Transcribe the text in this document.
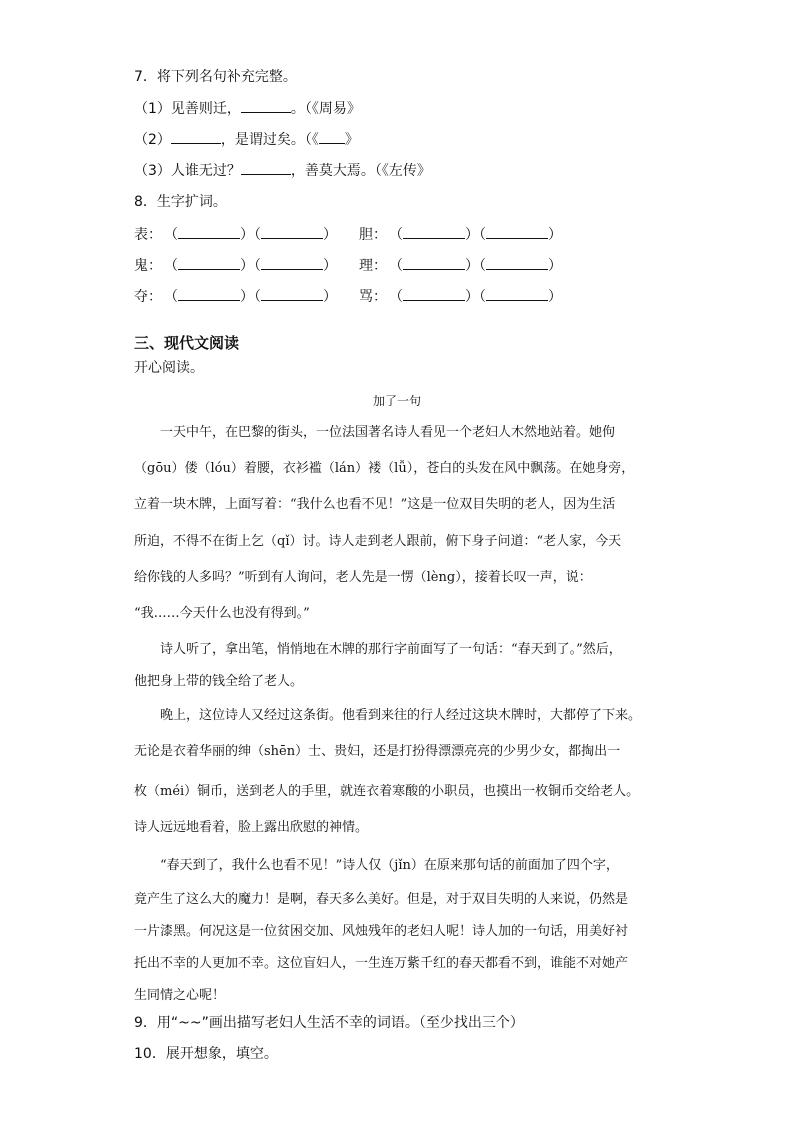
7．将下列名句补充完整。
（1）见善则迁，	。（《周易》
（2）	，是谓过矣。（《 》
（3）人谁无过？	，善莫大焉。（《左传》
8．生字扩词。
表： （	）（	） 胆： （	）（	）
鬼： （	）（	） 理： （	）（	）
夺： （	）（	） 骂： （	）（	）
三、现代文阅读
开心阅读。
加了一句
　　一天中午，在巴黎的街头，一位法国著名诗人看见一个老妇人木然地站着。她佝
（gōu）偻（lóu）着腰，衣衫褴（lán）褛（lǚ），苍白的头发在风中飘荡。在她身旁，
立着一块木牌，上面写着：“我什么也看不见！”这是一位双目失明的老人，因为生活
所迫，不得不在街上乞（qǐ）讨。诗人走到老人跟前，俯下身子问道：“老人家，今天
给你钱的人多吗？”听到有人询问，老人先是一愣（lèng），接着长叹一声，说：
“我……今天什么也没有得到。”
　　诗人听了，拿出笔，悄悄地在木牌的那行字前面写了一句话：“春天到了。”然后，
他把身上带的钱全给了老人。
　　晚上，这位诗人又经过这条街。他看到来往的行人经过这块木牌时，大都停了下来。
无论是衣着华丽的绅（shēn）士、贵妇，还是打扮得漂漂亮亮的少男少女，都掏出一
枚（méi）铜币，送到老人的手里，就连衣着寒酸的小职员，也摸出一枚铜币交给老人。
诗人远远地看着，脸上露出欣慰的神情。
　　“春天到了，我什么也看不见！”诗人仅（jǐn）在原来那句话的前面加了四个字，
竟产生了这么大的魔力！是啊，春天多么美好。但是，对于双目失明的人来说，仍然是
一片漆黑。何况这是一位贫困交加、风烛残年的老妇人呢！诗人加的一句话，用美好衬
托出不幸的人更加不幸。这位盲妇人，一生连万紫千红的春天都看不到，谁能不对她产
生同情之心呢！
9．用“~~”画出描写老妇人生活不幸的词语。（至少找出三个）
10．展开想象，填空。
